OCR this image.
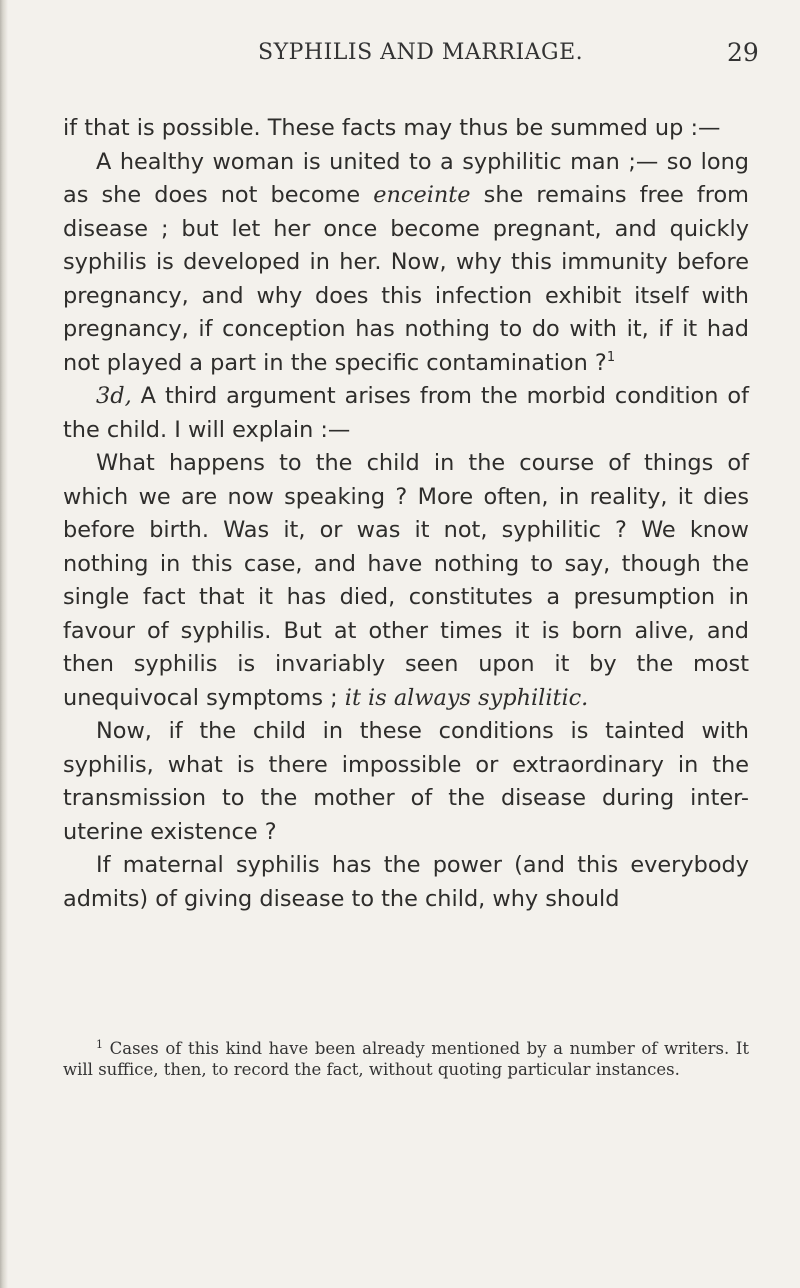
SYPHILIS AND MARRIAGE.	29

if that is possible. These facts may thus be summed up :—

A healthy woman is united to a syphilitic man ;— so long as she does not become enceinte she remains free from disease ; but let her once become pregnant, and quickly syphilis is developed in her. Now, why this immunity before pregnancy, and why does this infection exhibit itself with pregnancy, if conception has nothing to do with it, if it had not played a part in the specific contamination ?$^1$

3d, A third argument arises from the morbid condition of the child. I will explain :—

What happens to the child in the course of things of which we are now speaking ? More often, in reality, it dies before birth. Was it, or was it not, syphilitic ? We know nothing in this case, and have nothing to say, though the single fact that it has died, constitutes a presumption in favour of syphilis. But at other times it is born alive, and then syphilis is invariably seen upon it by the most unequivocal symptoms ; it is always syphilitic.

Now, if the child in these conditions is tainted with syphilis, what is there impossible or extraordinary in the transmission to the mother of the disease during inter-uterine existence ?

If maternal syphilis has the power (and this everybody admits) of giving disease to the child, why should

$^1$ Cases of this kind have been already mentioned by a number of writers. It will suffice, then, to record the fact, without quoting particular instances.
